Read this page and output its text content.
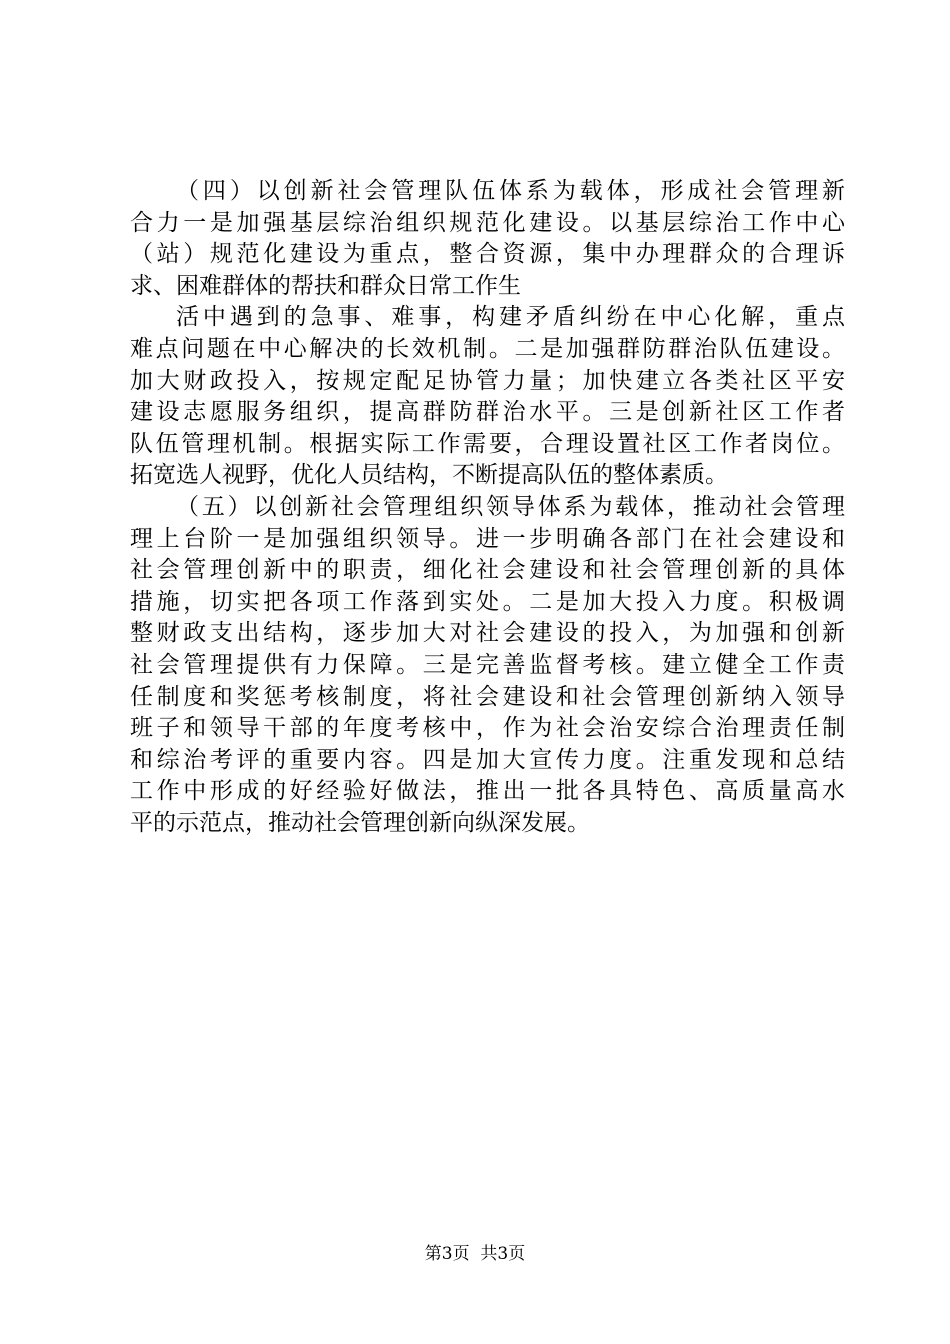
（四）以创新社会管理队伍体系为载体，形成社会管理新
合力一是加强基层综治组织规范化建设。以基层综治工作中心
（站）规范化建设为重点，整合资源，集中办理群众的合理诉
求、困难群体的帮扶和群众日常工作生
活中遇到的急事、难事，构建矛盾纠纷在中心化解，重点
难点问题在中心解决的长效机制。二是加强群防群治队伍建设。
加大财政投入，按规定配足协管力量；加快建立各类社区平安
建设志愿服务组织，提高群防群治水平。三是创新社区工作者
队伍管理机制。根据实际工作需要，合理设置社区工作者岗位。
拓宽选人视野，优化人员结构，不断提高队伍的整体素质。
（五）以创新社会管理组织领导体系为载体，推动社会管理
理上台阶一是加强组织领导。进一步明确各部门在社会建设和
社会管理创新中的职责，细化社会建设和社会管理创新的具体
措施，切实把各项工作落到实处。二是加大投入力度。积极调
整财政支出结构，逐步加大对社会建设的投入，为加强和创新
社会管理提供有力保障。三是完善监督考核。建立健全工作责
任制度和奖惩考核制度，将社会建设和社会管理创新纳入领导
班子和领导干部的年度考核中，作为社会治安综合治理责任制
和综治考评的重要内容。四是加大宣传力度。注重发现和总结
工作中形成的好经验好做法，推出一批各具特色、高质量高水
平的示范点，推动社会管理创新向纵深发展。
第3页  共3页
